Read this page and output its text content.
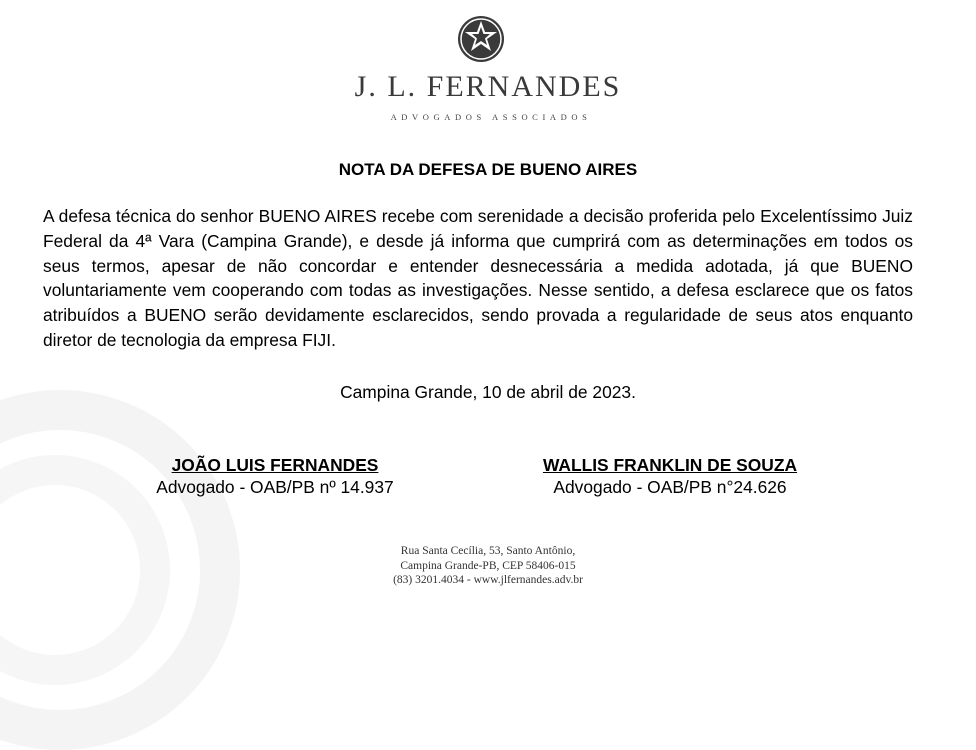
J. L. FERNANDES
ADVOGADOS ASSOCIADOS
NOTA DA DEFESA DE BUENO AIRES

A defesa técnica do senhor BUENO AIRES recebe com serenidade a decisão proferida pelo Excelentíssimo Juiz Federal da 4ª Vara (Campina Grande), e desde já informa que cumprirá com as determinações em todos os seus termos, apesar de não concordar e entender desnecessária a medida adotada, já que BUENO voluntariamente vem cooperando com todas as investigações. Nesse sentido, a defesa esclarece que os fatos atribuídos a BUENO serão devidamente esclarecidos, sendo provada a regularidade de seus atos enquanto diretor de tecnologia da empresa FIJI.

Campina Grande, 10 de abril de 2023.
JOÃO LUIS FERNANDES
Advogado - OAB/PB nº 14.937
WALLIS FRANKLIN DE SOUZA
Advogado - OAB/PB n°24.626
Rua Santa Cecília, 53, Santo Antônio,
Campina Grande-PB, CEP 58406-015
(83) 3201.4034 - www.jlfernandes.adv.br
